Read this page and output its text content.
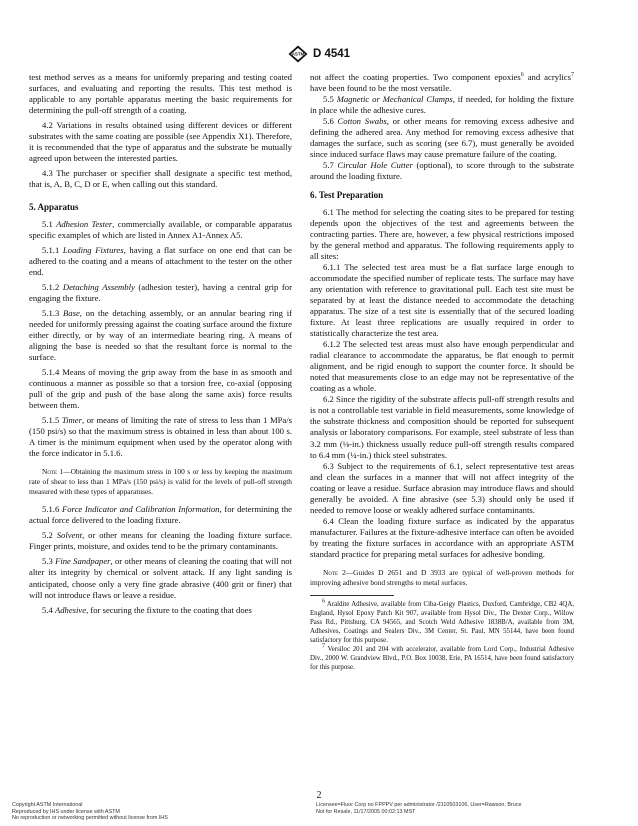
ASTM D 4541

test method serves as a means for uniformly preparing and testing coated surfaces, and evaluating and reporting the results. This test method is applicable to any portable apparatus meeting the basic requirements for determining the pull-off strength of a coating.

4.2 Variations in results obtained using different devices or different substrates with the same coating are possible (see Appendix X1). Therefore, it is recommended that the type of apparatus and the substrate be mutually agreed upon between the interested parties.

4.3 The purchaser or specifier shall designate a specific test method, that is, A, B, C, D or E, when calling out this standard.

5. Apparatus

5.1 Adhesion Tester, commercially available, or comparable apparatus specific examples of which are listed in Annex A1-Annex A5.

5.1.1 Loading Fixtures, having a flat surface on one end that can be adhered to the coating and a means of attachment to the tester on the other end.

5.1.2 Detaching Assembly (adhesion tester), having a central grip for engaging the fixture.

5.1.3 Base, on the detaching assembly, or an annular bearing ring if needed for uniformly pressing against the coating surface around the fixture either directly, or by way of an intermediate bearing ring. A means of aligning the base is needed so that the resultant force is normal to the surface.

5.1.4 Means of moving the grip away from the base in as smooth and continuous a manner as possible so that a torsion free, co-axial (opposing pull of the grip and push of the base along the same axis) force results between them.

5.1.5 Timer, or means of limiting the rate of stress to less than 1 MPa/s (150 psi/s) so that the maximum stress is obtained in less than about 100 s. A timer is the minimum equipment when used by the operator along with the force indicator in 5.1.6.

Note 1—Obtaining the maximum stress in 100 s or less by keeping the maximum rate of shear to less than 1 MPa/s (150 psi/s) is valid for the levels of pull-off strength measured with these types of apparatuses.

5.1.6 Force Indicator and Calibration Information, for determining the actual force delivered to the loading fixture.

5.2 Solvent, or other means for cleaning the loading fixture surface. Finger prints, moisture, and oxides tend to be the primary contaminants.

5.3 Fine Sandpaper, or other means of cleaning the coating that will not alter its integrity by chemical or solvent attack. If any light sanding is anticipated, choose only a very fine grade abrasive (400 grit or finer) that will not introduce flaws or leave a residue.

5.4 Adhesive, for securing the fixture to the coating that does

not affect the coating properties. Two component epoxies$^6$ and acrylics$^7$ have been found to be the most versatile.

5.5 Magnetic or Mechanical Clamps, if needed, for holding the fixture in place while the adhesive cures.

5.6 Cotton Swabs, or other means for removing excess adhesive and defining the adhered area. Any method for removing excess adhesive that damages the surface, such as scoring (see 6.7), must generally be avoided since induced surface flaws may cause premature failure of the coating.

5.7 Circular Hole Cutter (optional), to score through to the substrate around the loading fixture.

6. Test Preparation

6.1 The method for selecting the coating sites to be prepared for testing depends upon the objectives of the test and agreements between the contracting parties. There are, however, a few physical restrictions imposed by the general method and apparatus. The following requirements apply to all sites:

6.1.1 The selected test area must be a flat surface large enough to accommodate the specified number of replicate tests. The surface may have any orientation with reference to gravitational pull. Each test site must be separated by at least the distance needed to accommodate the detaching apparatus. The size of a test site is essentially that of the secured loading fixture. At least three replications are usually required in order to statistically characterize the test area.

6.1.2 The selected test areas must also have enough perpendicular and radial clearance to accommodate the apparatus, be flat enough to permit alignment, and be rigid enough to support the counter force. It should be noted that measurements close to an edge may not be representative of the coating as a whole.

6.2 Since the rigidity of the substrate affects pull-off strength results and is not a controllable test variable in field measurements, some knowledge of the substrate thickness and composition should be reported for subsequent analysis or laboratory comparisons. For example, steel substrate of less than 3.2 mm (⅛-in.) thickness usually reduce pull-off strength results compared to 6.4 mm (¼-in.) thick steel substrates.

6.3 Subject to the requirements of 6.1, select representative test areas and clean the surfaces in a manner that will not affect integrity of the coating or leave a residue. Surface abrasion may introduce flaws and should generally be avoided. A fine abrasive (see 5.3) should only be used if needed to remove loose or weakly adhered surface contaminants.

6.4 Clean the loading fixture surface as indicated by the apparatus manufacturer. Failures at the fixture-adhesive interface can often be avoided by treating the fixture surfaces in accordance with an appropriate ASTM standard practice for preparing metal surfaces for adhesive bonding.

Note 2—Guides D 2651 and D 3933 are typical of well-proven methods for improving adhesive bond strengths to metal surfaces.

$^6$ Araldite Adhesive, available from Ciba-Geigy Plastics, Duxford, Cambridge, CB2 4QA, England, Hysol Epoxy Patch Kit 907, available from Hysol Div., The Dexter Corp., Willow Pass Rd., Pittsburg, CA 94565, and Scotch Weld Adhesive 1838B/A, available from 3M, Adhesives, Coatings and Sealers Div., 3M Center, St. Paul, MN 55144, have been found satisfactory for this purpose.

$^7$ Versiloc 201 and 204 with accelerator, available from Lord Corp., Industrial Adhesive Div., 2000 W. Grandview Blvd., P.O. Box 10038, Erie, PA 16514, have been found satisfactory for this purpose.

2
Copyright ASTM International
Reproduced by IHS under license with ASTM
No reproduction or networking permitted without license from IHS
Licensee=Fluor Corp no FPPPV per administrator /2110503106, User=Rawson, Bruce
Not for Resale, 11/17/2005 00:02:13 MST
